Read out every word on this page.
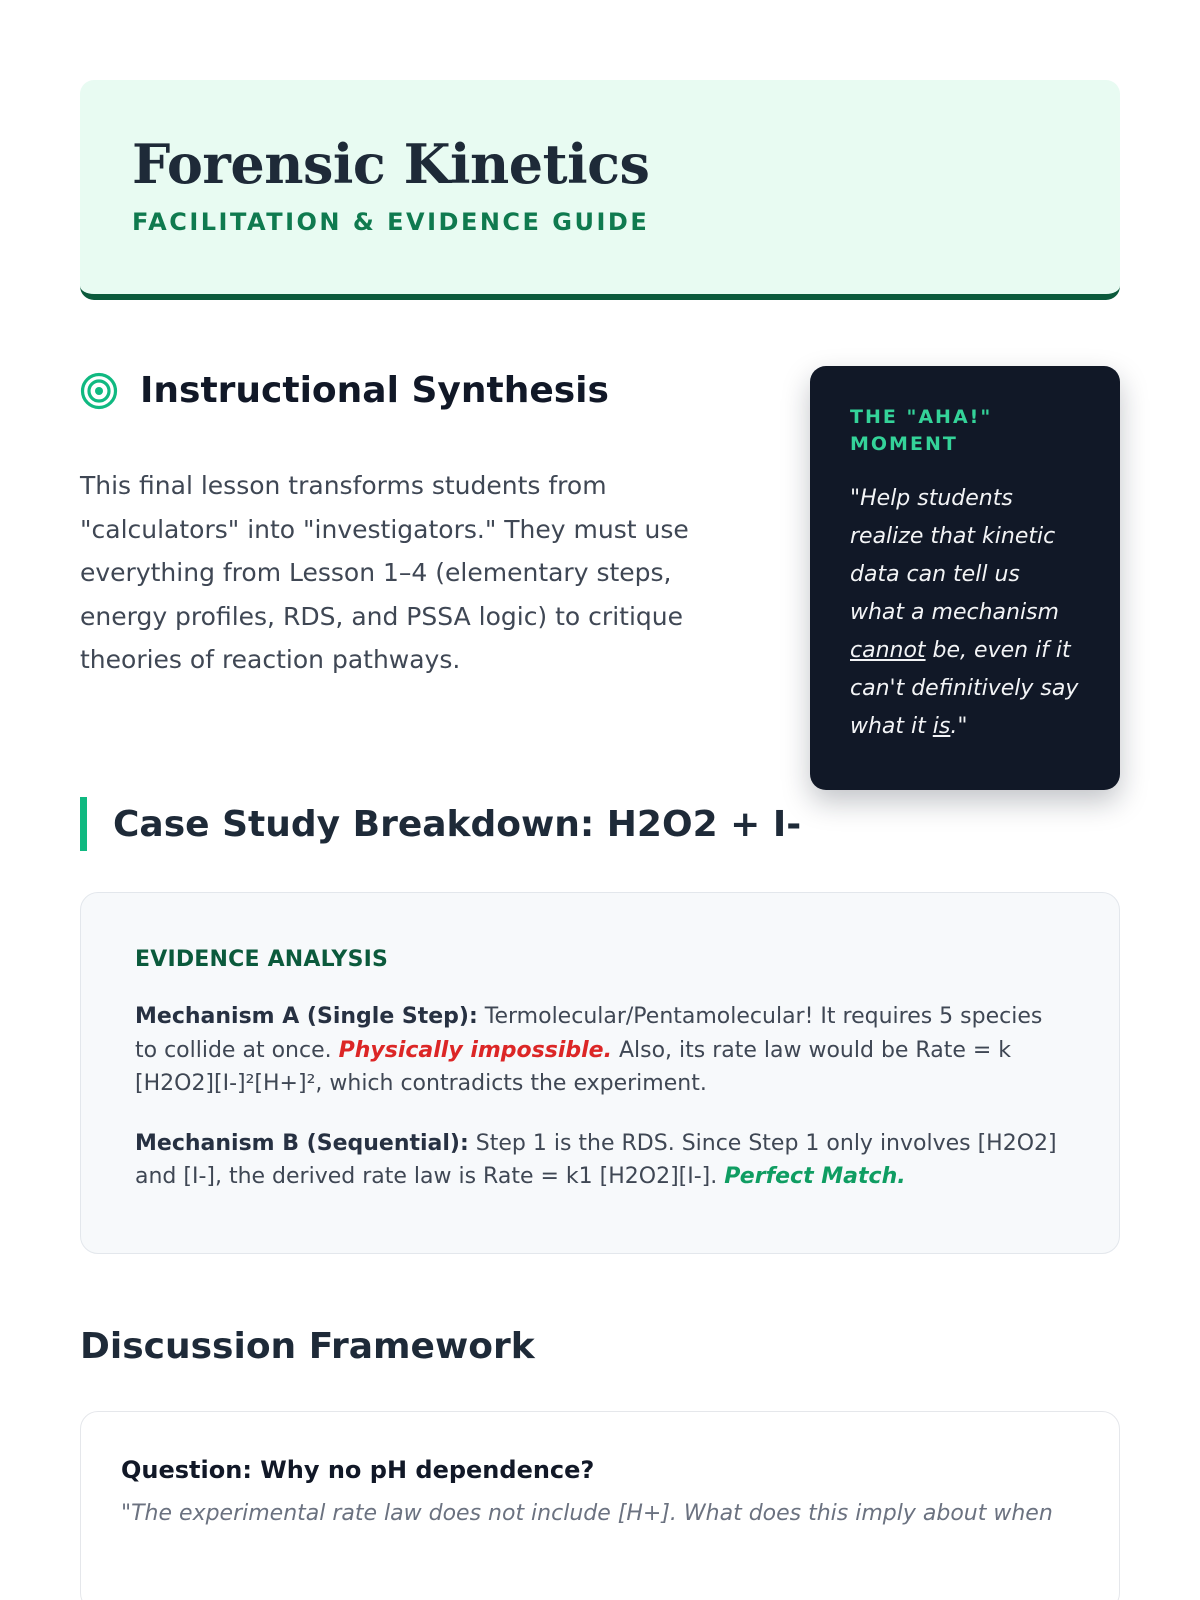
Forensic Kinetics
FACILITATION & EVIDENCE GUIDE
Instructional Synthesis

This final lesson transforms students from "calculators" into "investigators." They must use everything from Lesson 1–4 (elementary steps, energy profiles, RDS, and PSSA logic) to critique theories of reaction pathways.

THE "AHA!" MOMENT

"Help students realize that kinetic data can tell us what a mechanism cannot be, even if it can't definitively say what it is."

Case Study Breakdown: H2O2 + I-
EVIDENCE ANALYSIS

Mechanism A (Single Step): Termolecular/Pentamolecular! It requires 5 species to collide at once. Physically impossible. Also, its rate law would be Rate = k [H2O2][I-]²[H+]², which contradicts the experiment.

Mechanism B (Sequential): Step 1 is the RDS. Since Step 1 only involves [H2O2] and [I-], the derived rate law is Rate = k1 [H2O2][I-]. Perfect Match.

Discussion Framework
Question: Why no pH dependence?

"The experimental rate law does not include [H+]. What does this imply about when
